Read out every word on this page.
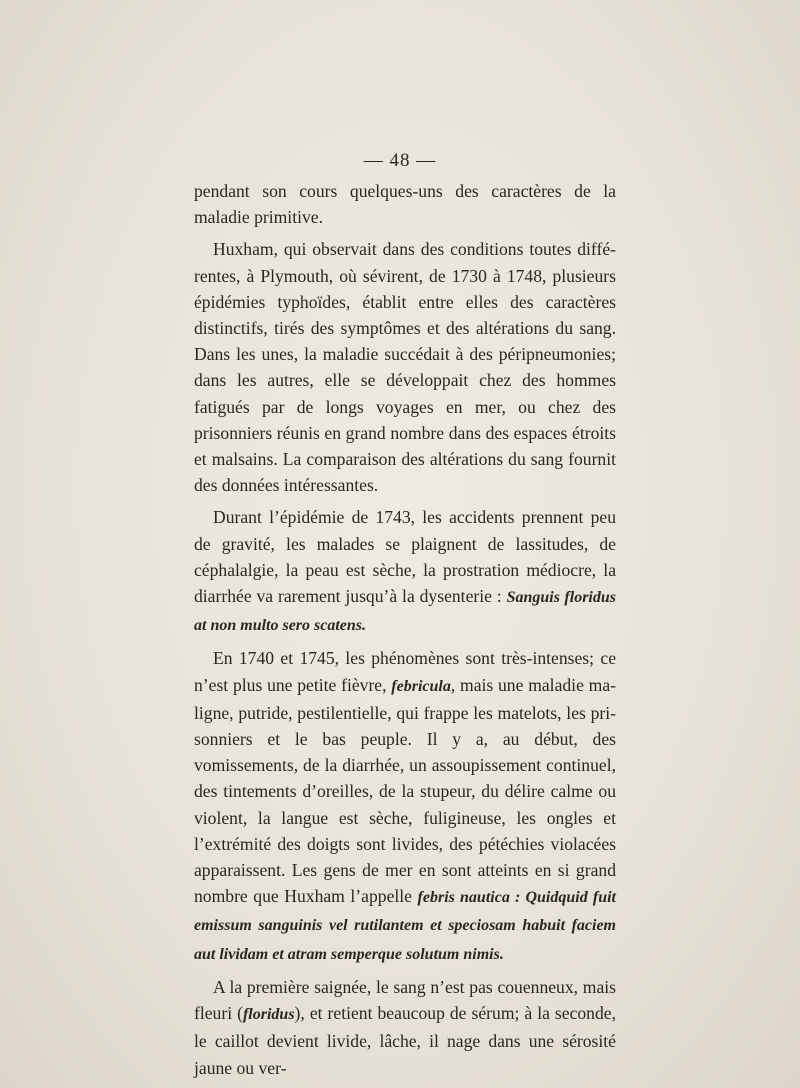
— 48 —

pendant son cours quelques-uns des caractères de la maladie primitive.

Huxham, qui observait dans des conditions toutes différentes, à Plymouth, où sévirent, de 1730 à 1748, plusieurs épidémies typhoïdes, établit entre elles des caractères distinctifs, tirés des symptômes et des altérations du sang. Dans les unes, la maladie succédait à des péripneumonies; dans les autres, elle se développait chez des hommes fatigués par de longs voyages en mer, ou chez des prisonniers réunis en grand nombre dans des espaces étroits et malsains. La comparaison des altérations du sang fournit des données intéressantes.

Durant l’épidémie de 1743, les accidents prennent peu de gravité, les malades se plaignent de lassitudes, de céphalalgie, la peau est sèche, la prostration médiocre, la diarrhée va rarement jusqu’à la dysenterie : Sanguis floridus at non multo sero scatens.

En 1740 et 1745, les phénomènes sont très-intenses; ce n’est plus une petite fièvre, febricula, mais une maladie maligne, putride, pestilentielle, qui frappe les matelots, les prisonniers et le bas peuple. Il y a, au début, des vomissements, de la diarrhée, un assoupissement continuel, des tintements d’oreilles, de la stupeur, du délire calme ou violent, la langue est sèche, fuligineuse, les ongles et l’extrémité des doigts sont livides, des pétéchies violacées apparaissent. Les gens de mer en sont atteints en si grand nombre que Huxham l’appelle febris nautica : Quidquid fuit emissum sanguinis vel rutilantem et speciosam habuit faciem aut lividam et atram semperque solutum nimis.

A la première saignée, le sang n’est pas couenneux, mais fleuri (floridus), et retient beaucoup de sérum; à la seconde, le caillot devient livide, lâche, il nage dans une sérosité jaune ou ver-
